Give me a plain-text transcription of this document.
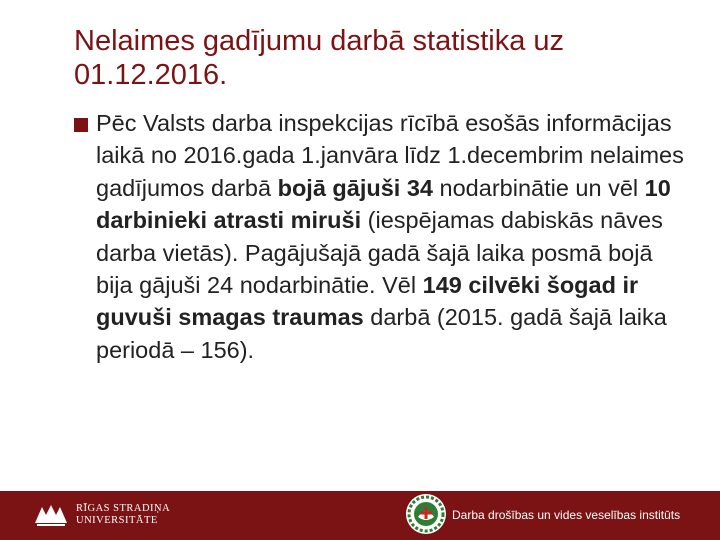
Nelaimes gadījumu darbā statistika uz
01.12.2016.
Pēc Valsts darba inspekcijas rīcībā esošās informācijas laikā no 2016.gada 1.janvāra līdz 1.decembrim nelaimes gadījumos darbā bojā gājuši 34 nodarbinātie un vēl 10 darbinieki atrasti miruši (iespējamas dabiskās nāves darba vietās). Pagājušajā gadā šajā laika posmā bojā bija gājuši 24 nodarbinātie. Vēl 149 cilvēki šogad ir guvuši smagas traumas darbā (2015. gadā šajā laika periodā – 156).
RĪGAS STRADIŅA
UNIVERSITĀTE	Darba drošības un vides veselības institūts
